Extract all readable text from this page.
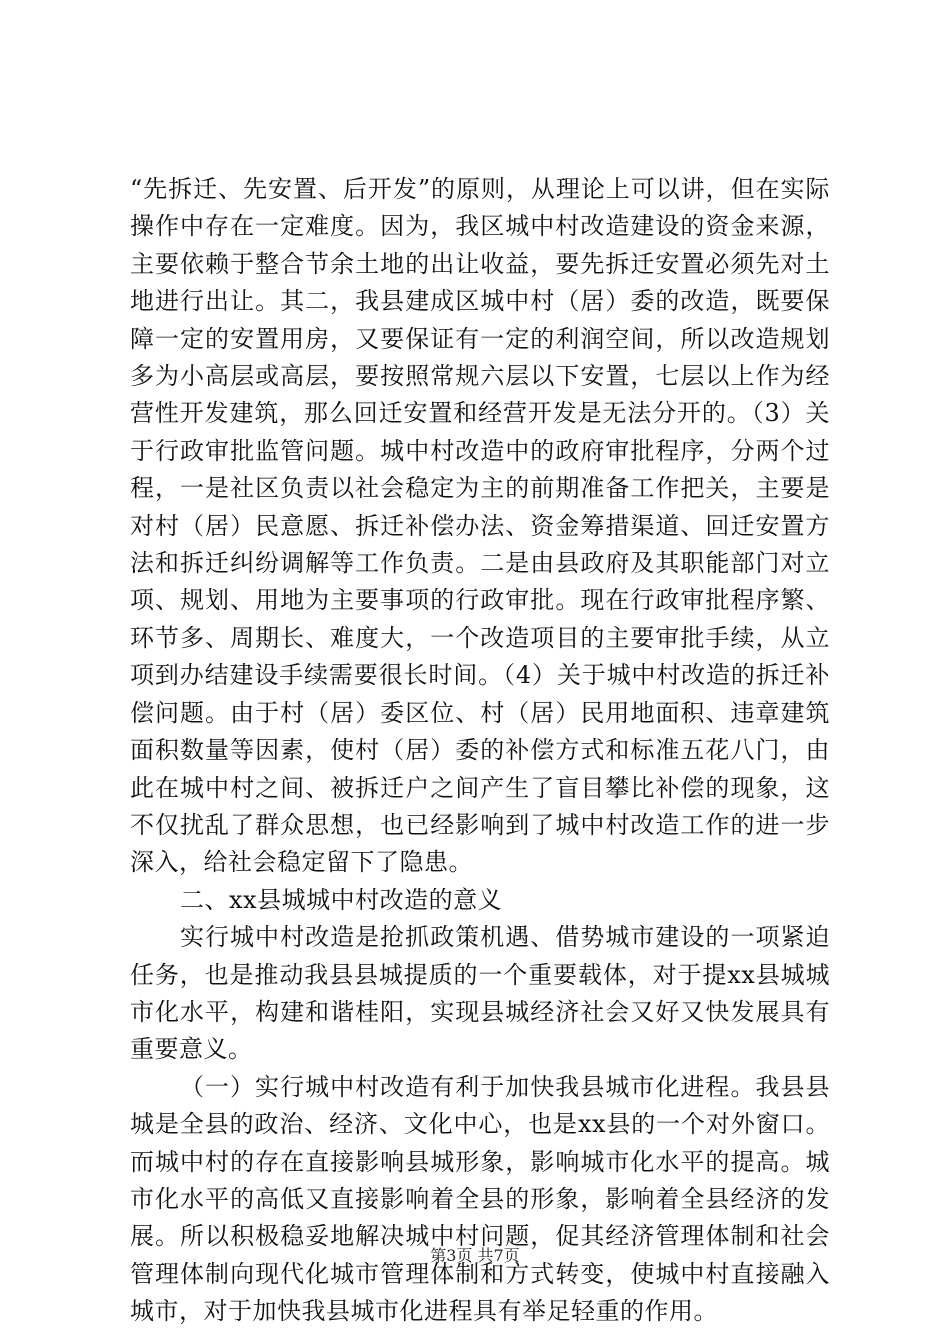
“先拆迁、先安置、后开发”的原则，从理论上可以讲，但在实际操作中存在一定难度。因为，我区城中村改造建设的资金来源，主要依赖于整合节余土地的出让收益，要先拆迁安置必须先对土地进行出让。其二，我县建成区城中村（居）委的改造，既要保障一定的安置用房，又要保证有一定的利润空间，所以改造规划多为小高层或高层，要按照常规六层以下安置，七层以上作为经营性开发建筑，那么回迁安置和经营开发是无法分开的。（3）关于行政审批监管问题。城中村改造中的政府审批程序，分两个过程，一是社区负责以社会稳定为主的前期准备工作把关，主要是对村（居）民意愿、拆迁补偿办法、资金筹措渠道、回迁安置方法和拆迁纠纷调解等工作负责。二是由县政府及其职能部门对立项、规划、用地为主要事项的行政审批。现在行政审批程序繁、环节多、周期长、难度大，一个改造项目的主要审批手续，从立项到办结建设手续需要很长时间。（4）关于城中村改造的拆迁补偿问题。由于村（居）委区位、村（居）民用地面积、违章建筑面积数量等因素，使村（居）委的补偿方式和标准五花八门，由此在城中村之间、被拆迁户之间产生了盲目攀比补偿的现象，这不仅扰乱了群众思想，也已经影响到了城中村改造工作的进一步深入，给社会稳定留下了隐患。

二、xx县城城中村改造的意义

实行城中村改造是抢抓政策机遇、借势城市建设的一项紧迫任务，也是推动我县县城提质的一个重要载体，对于提xx县城城市化水平，构建和谐桂阳，实现县城经济社会又好又快发展具有重要意义。

（一）实行城中村改造有利于加快我县城市化进程。我县县城是全县的政治、经济、文化中心，也是xx县的一个对外窗口。而城中村的存在直接影响县城形象，影响城市化水平的提高。城市化水平的高低又直接影响着全县的形象，影响着全县经济的发展。所以积极稳妥地解决城中村问题，促其经济管理体制和社会管理体制向现代化城市管理体制和方式转变，使城中村直接融入城市，对于加快我县城市化进程具有举足轻重的作用。

第3页 共7页
